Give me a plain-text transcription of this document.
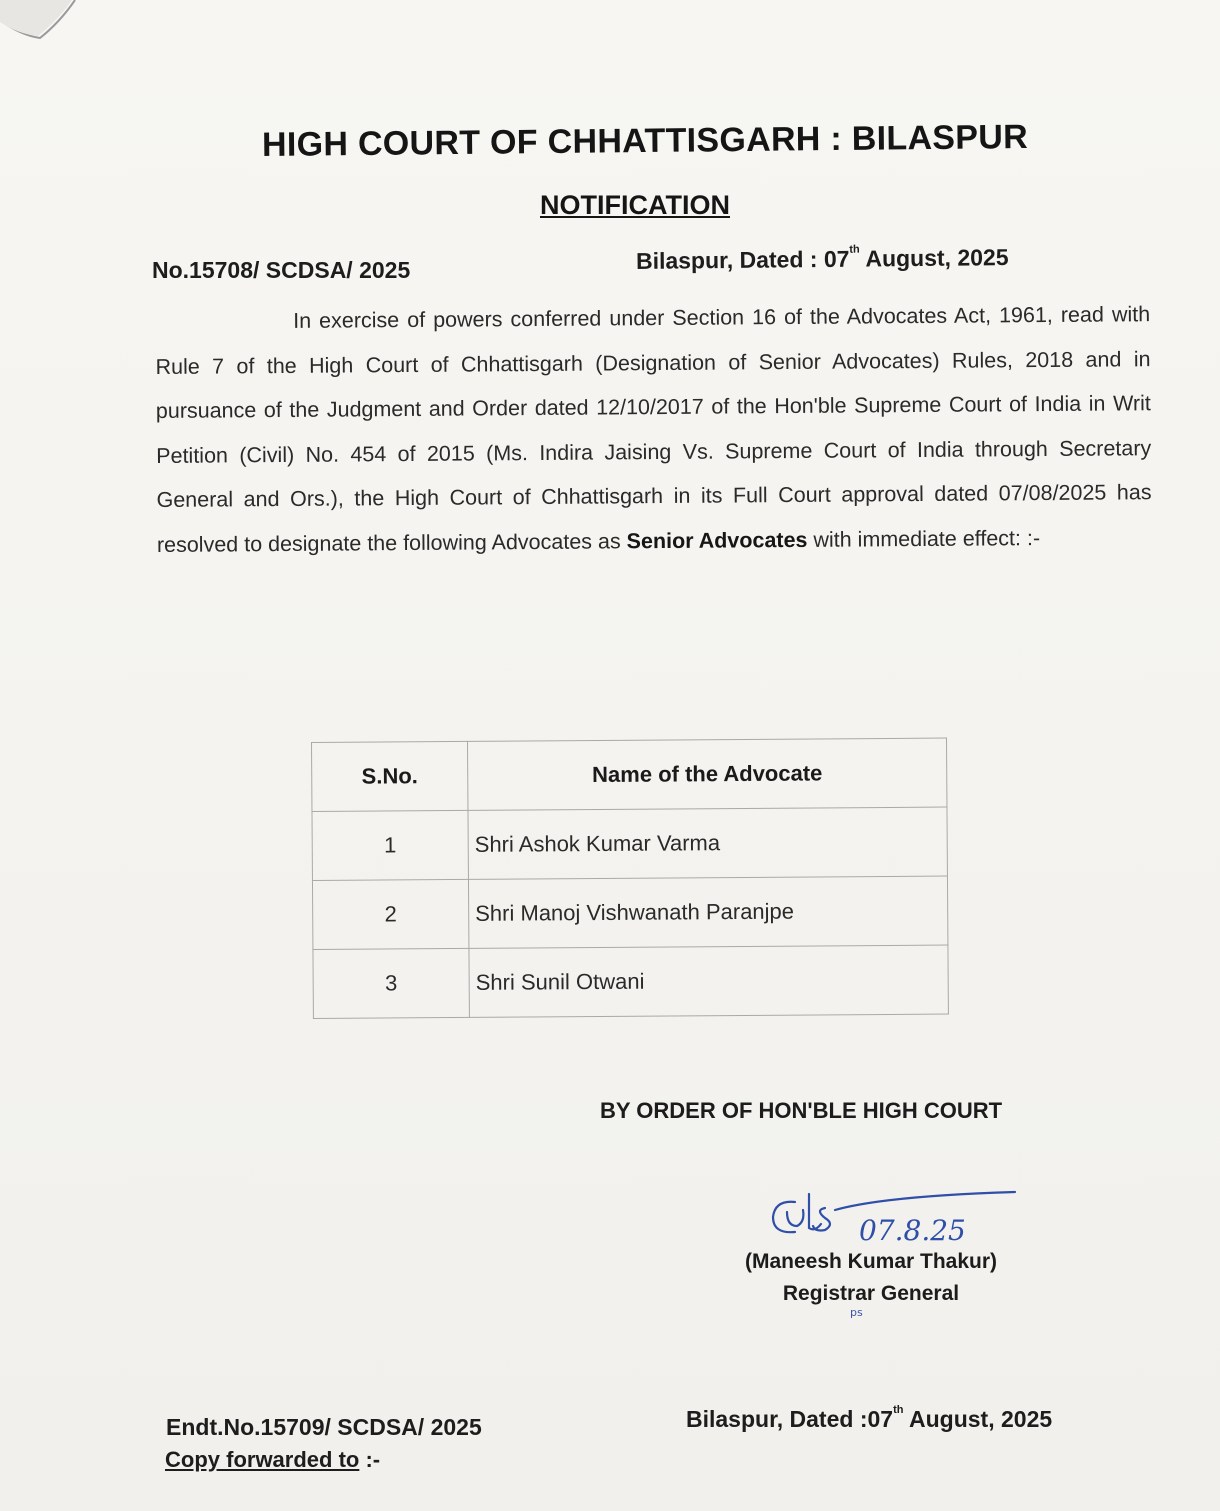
HIGH COURT OF CHHATTISGARH : BILASPUR
NOTIFICATION
No.15708/ SCDSA/ 2025	Bilaspur, Dated : 07th August, 2025
In exercise of powers conferred under Section 16 of the Advocates Act, 1961, read with Rule 7 of the High Court of Chhattisgarh (Designation of Senior Advocates) Rules, 2018 and in pursuance of the Judgment and Order dated 12/10/2017 of the Hon'ble Supreme Court of India in Writ Petition (Civil) No. 454 of 2015 (Ms. Indira Jaising Vs. Supreme Court of India through Secretary General and Ors.), the High Court of Chhattisgarh in its Full Court approval dated 07/08/2025 has resolved to designate the following Advocates as Senior Advocates with immediate effect: :-
S.No.	Name of the Advocate
1	Shri Ashok Kumar Varma
2	Shri Manoj Vishwanath Paranjpe
3	Shri Sunil Otwani
BY ORDER OF HON'BLE HIGH COURT
07.8.25
(Maneesh Kumar Thakur)
Registrar General
ps
Endt.No.15709/ SCDSA/ 2025	Bilaspur, Dated :07th August, 2025
Copy forwarded to :-
